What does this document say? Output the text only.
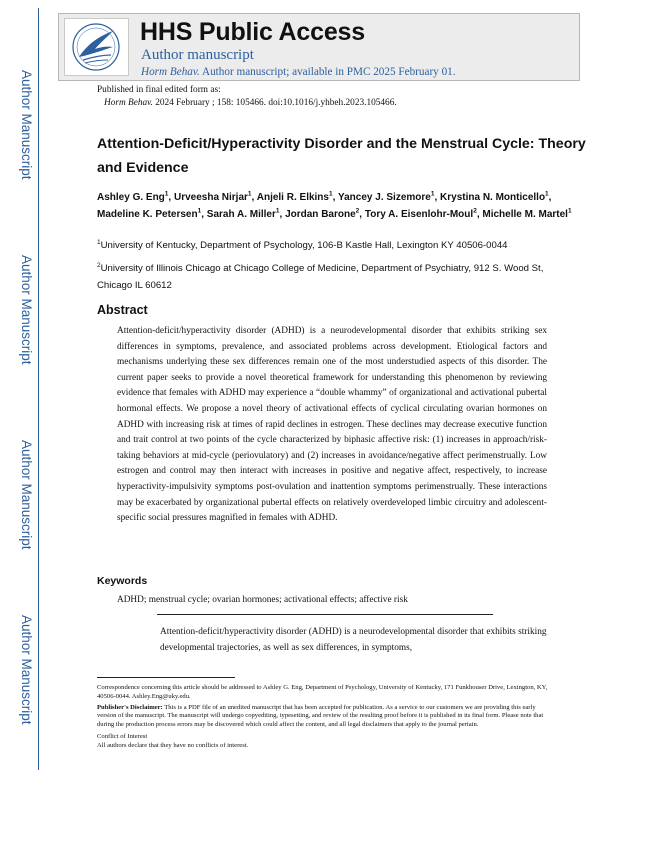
Author Manuscript
Author Manuscript
Author Manuscript
Author Manuscript
HHS Public Access

Author manuscript

Horm Behav. Author manuscript; available in PMC 2025 February 01.

Published in final edited form as:
Horm Behav. 2024 February ; 158: 105466. doi:10.1016/j.yhbeh.2023.105466.
Attention-Deficit/Hyperactivity Disorder and the Menstrual Cycle: Theory and Evidence

Ashley G. Eng$^1$, Urveesha Nirjar$^1$, Anjeli R. Elkins$^1$, Yancey J. Sizemore$^1$, Krystina N. Monticello$^1$, Madeline K. Petersen$^1$, Sarah A. Miller$^1$, Jordan Barone$^2$, Tory A. Eisenlohr-Moul$^2$, Michelle M. Martel$^1$

$^1$University of Kentucky, Department of Psychology, 106-B Kastle Hall, Lexington KY 40506-0044

$^2$University of Illinois Chicago at Chicago College of Medicine, Department of Psychiatry, 912 S. Wood St, Chicago IL 60612

Abstract

Attention-deficit/hyperactivity disorder (ADHD) is a neurodevelopmental disorder that exhibits striking sex differences in symptoms, prevalence, and associated problems across development. Etiological factors and mechanisms underlying these sex differences remain one of the most understudied aspects of this disorder. The current paper seeks to provide a novel theoretical framework for understanding this phenomenon by reviewing evidence that females with ADHD may experience a “double whammy” of organizational and activational pubertal hormonal effects. We propose a novel theory of activational effects of cyclical circulating ovarian hormones on ADHD with increasing risk at times of rapid declines in estrogen. These declines may decrease executive function and trait control at two points of the cycle characterized by biphasic affective risk: (1) increases in approach/risk-taking behaviors at mid-cycle (periovulatory) and (2) increases in avoidance/negative affect perimenstrually. Low estrogen and control may then interact with increases in positive and negative affect, respectively, to increase hyperactivity-impulsivity symptoms post-ovulation and inattention symptoms perimenstrually. These interactions may be exacerbated by organizational pubertal effects on relatively overdeveloped limbic circuitry and adolescent-specific social pressures magnified in females with ADHD.

Keywords

ADHD; menstrual cycle; ovarian hormones; activational effects; affective risk

Attention-deficit/hyperactivity disorder (ADHD) is a neurodevelopmental disorder that exhibits striking developmental trajectories, as well as sex differences, in symptoms,

Correspondence concerning this article should be addressed to Ashley G. Eng, Department of Psychology, University of Kentucky, 171 Funkhouser Drive, Lexington, KY, 40506-0044. Ashley.Eng@uky.edu.

Publisher's Disclaimer: This is a PDF file of an unedited manuscript that has been accepted for publication. As a service to our customers we are providing this early version of the manuscript. The manuscript will undergo copyediting, typesetting, and review of the resulting proof before it is published in its final form. Please note that during the production process errors may be discovered which could affect the content, and all legal disclaimers that apply to the journal pertain.

Conflict of Interest

All authors declare that they have no conflicts of interest.
